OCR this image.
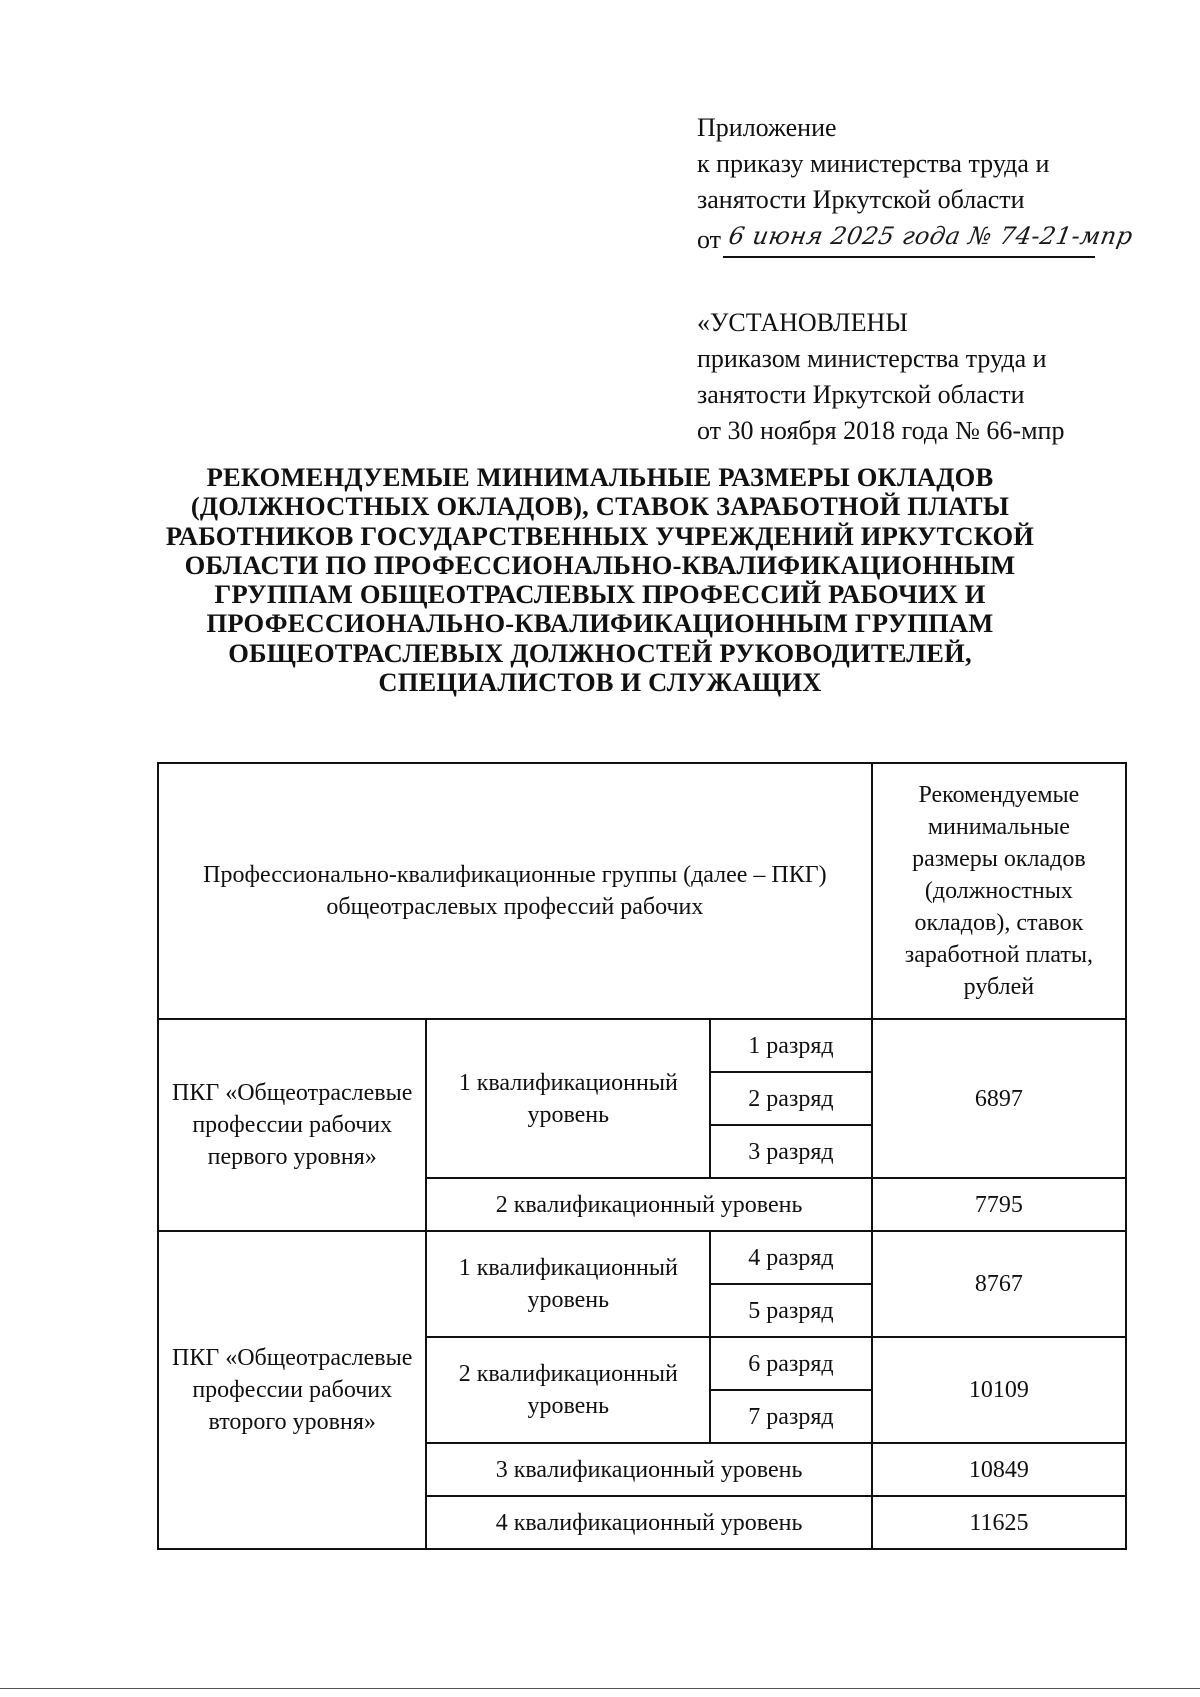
Приложение
к приказу министерства труда и
занятости Иркутской области
от 6 июня 2025 года № 74-21-мпр
«УСТАНОВЛЕНЫ
приказом министерства труда и
занятости Иркутской области
от 30 ноября 2018 года № 66-мпр
РЕКОМЕНДУЕМЫЕ МИНИМАЛЬНЫЕ РАЗМЕРЫ ОКЛАДОВ (ДОЛЖНОСТНЫХ ОКЛАДОВ), СТАВОК ЗАРАБОТНОЙ ПЛАТЫ РАБОТНИКОВ ГОСУДАРСТВЕННЫХ УЧРЕЖДЕНИЙ ИРКУТСКОЙ ОБЛАСТИ ПО ПРОФЕССИОНАЛЬНО-КВАЛИФИКАЦИОННЫМ ГРУППАМ ОБЩЕОТРАСЛЕВЫХ ПРОФЕССИЙ РАБОЧИХ И ПРОФЕССИОНАЛЬНО-КВАЛИФИКАЦИОННЫМ ГРУППАМ ОБЩЕОТРАСЛЕВЫХ ДОЛЖНОСТЕЙ РУКОВОДИТЕЛЕЙ, СПЕЦИАЛИСТОВ И СЛУЖАЩИХ
Профессионально-квалификационные группы (далее – ПКГ) общеотраслевых профессий рабочих			Рекомендуемые минимальные размеры окладов (должностных окладов), ставок заработной платы, рублей
ПКГ «Общеотраслевые профессии рабочих первого уровня»	1 квалификационный уровень	1 разряд	6897
		2 разряд	
		3 разряд	
	2 квалификационный уровень		7795
ПКГ «Общеотраслевые профессии рабочих второго уровня»	1 квалификационный уровень	4 разряд	8767
		5 разряд	
	2 квалификационный уровень	6 разряд	10109
		7 разряд	
	3 квалификационный уровень		10849
	4 квалификационный уровень		11625
